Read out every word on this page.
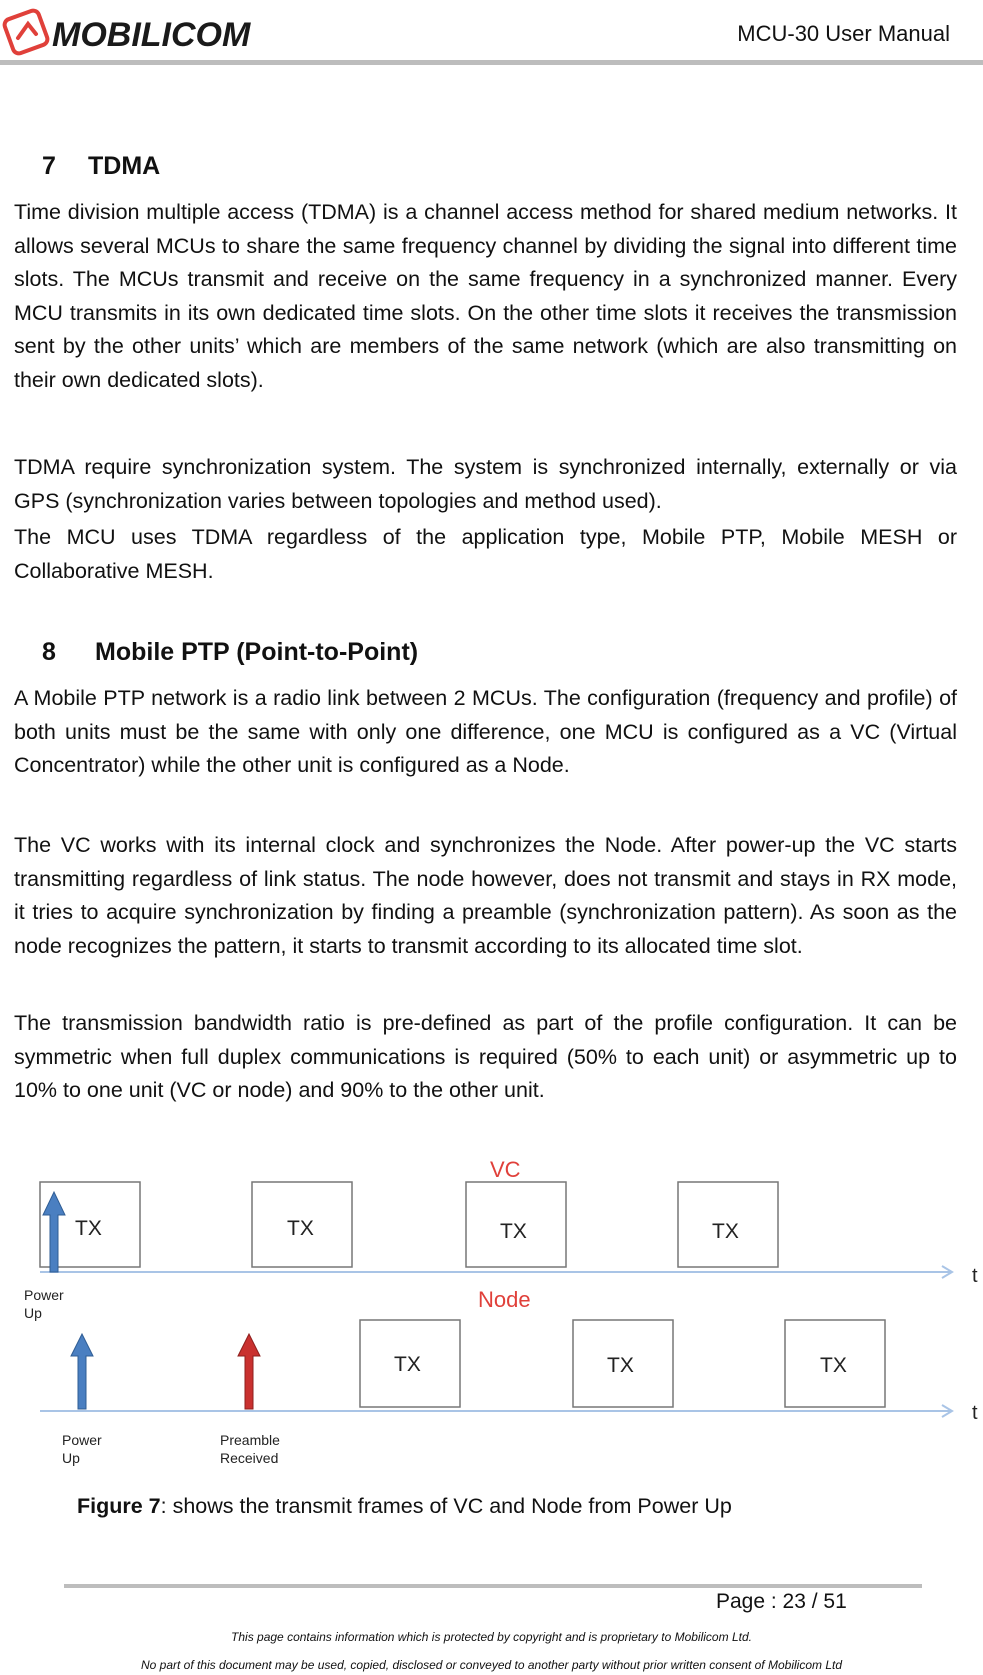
MOBILICOM	MCU-30 User Manual
7 TDMA

Time division multiple access (TDMA) is a channel access method for shared medium networks. It allows several MCUs to share the same frequency channel by dividing the signal into different time slots. The MCUs transmit and receive on the same frequency in a synchronized manner. Every MCU transmits in its own dedicated time slots. On the other time slots it receives the transmission sent by the other units’ which are members of the same network (which are also transmitting on their own dedicated slots).

TDMA require synchronization system. The system is synchronized internally, externally or via GPS (synchronization varies between topologies and method used).

The MCU uses TDMA regardless of the application type, Mobile PTP, Mobile MESH or Collaborative MESH.

8 Mobile PTP (Point-to-Point)

A Mobile PTP network is a radio link between 2 MCUs. The configuration (frequency and profile) of both units must be the same with only one difference, one MCU is configured as a VC (Virtual Concentrator) while the other unit is configured as a Node.

The VC works with its internal clock and synchronizes the Node. After power-up the VC starts transmitting regardless of link status. The node however, does not transmit and stays in RX mode, it tries to acquire synchronization by finding a preamble (synchronization pattern). As soon as the node recognizes the pattern, it starts to transmit according to its allocated time slot.

The transmission bandwidth ratio is pre-defined as part of the profile configuration. It can be symmetric when full duplex communications is required (50% to each unit) or asymmetric up to 10% to one unit (VC or node) and 90% to the other unit.

VC
TX	TX	TX	TX
t
Power
Up
Node
TX	TX	TX
t
Power
Up
Preamble
Received
Figure 7: shows the transmit frames of VC and Node from Power Up
Page : 23 / 51
This page contains information which is protected by copyright and is proprietary to Mobilicom Ltd.
No part of this document may be used, copied, disclosed or conveyed to another party without prior written consent of Mobilicom Ltd
